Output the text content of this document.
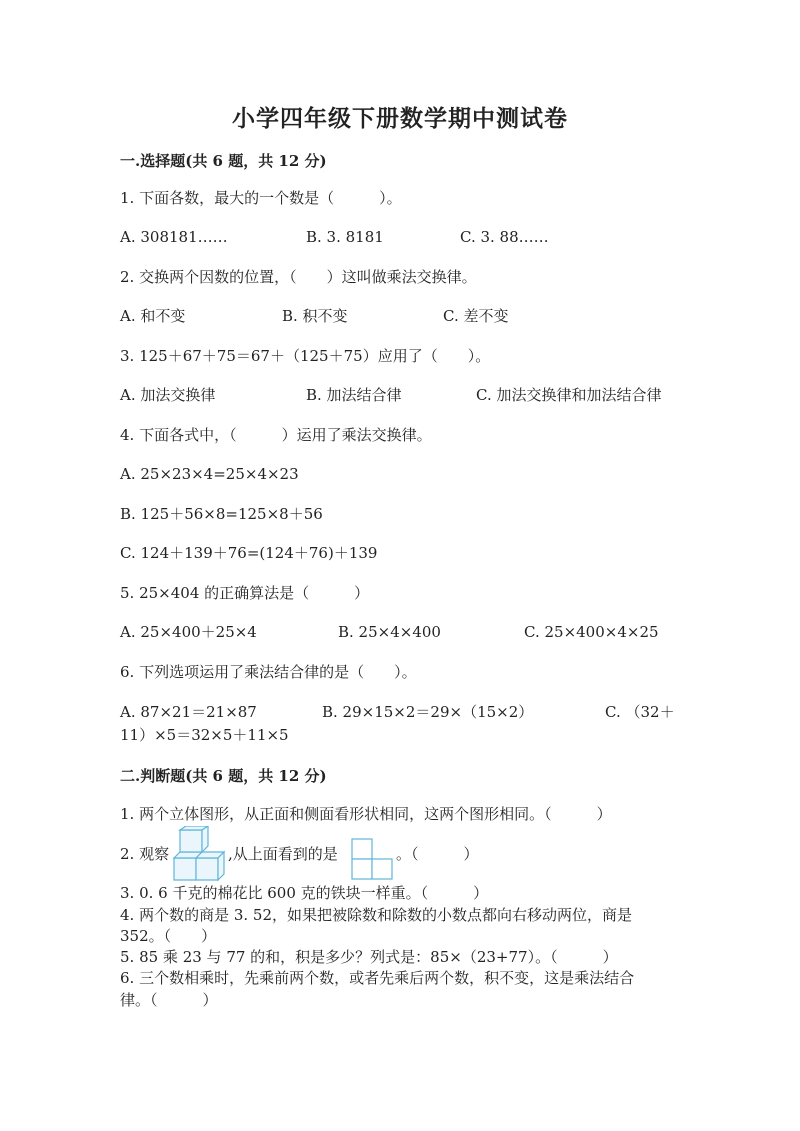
小学四年级下册数学期中测试卷
一.选择题(共 6 题，共 12 分)
1. 下面各数，最大的一个数是（　　　）。
A. 308181……	B. 3. 8181	C. 3. 88……
2. 交换两个因数的位置，（　　）这叫做乘法交换律。
A. 和不变	B. 积不变	C. 差不变
3. 125＋67＋75＝67＋（125＋75）应用了（　　）。
A. 加法交换律	B. 加法结合律	C. 加法交换律和加法结合律
4. 下面各式中，（　　　）运用了乘法交换律。
A. 25×23×4=25×4×23
B. 125＋56×8=125×8＋56
C. 124＋139＋76=(124＋76)＋139
5. 25×404 的正确算法是（　　　）
A. 25×400＋25×4	B. 25×4×400	C. 25×400×4×25
6. 下列选项运用了乘法结合律的是（　　）。
A. 87×21＝21×87	B. 29×15×2＝29×（15×2）	C. （32＋
11）×5＝32×5＋11×5
二.判断题(共 6 题，共 12 分)
1. 两个立体图形，从正面和侧面看形状相同，这两个图形相同。（　　　）
2. 观察	,从上面看到的是	。（　　　）
3. 0. 6 千克的棉花比 600 克的铁块一样重。（　　　）
4. 两个数的商是 3. 52，如果把被除数和除数的小数点都向右移动两位，商是
352。（　　）
5. 85 乘 23 与 77 的和，积是多少？列式是：85×（23+77）。（　　　）
6. 三个数相乘时，先乘前两个数，或者先乘后两个数，积不变，这是乘法结合
律。（　　　）
